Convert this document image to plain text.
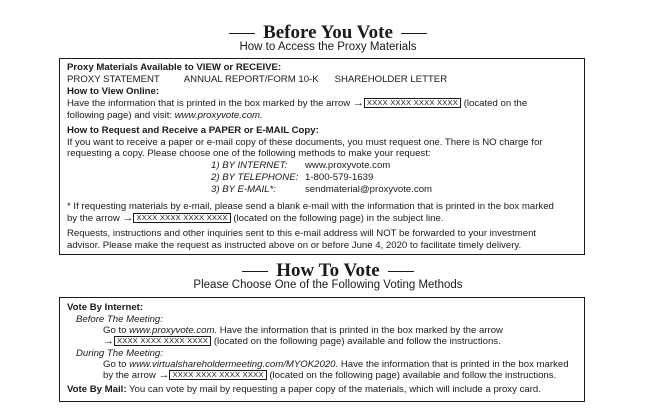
Before You Vote
How to Access the Proxy Materials
Proxy Materials Available to VIEW or RECEIVE:
PROXY STATEMENT	ANNUAL REPORT/FORM 10-K SHAREHOLDER LETTER
How to View Online:
Have the information that is printed in the box marked by the arrow → XXXX XXXX XXXX XXXX (located on the
following page) and visit: www.proxyvote.com.
How to Request and Receive a PAPER or E-MAIL Copy:
If you want to receive a paper or e-mail copy of these documents, you must request one. There is NO charge for
requesting a copy. Please choose one of the following methods to make your request:
1) BY INTERNET: www.proxyvote.com
2) BY TELEPHONE: 1-800-579-1639
3) BY E-MAIL*:	sendmaterial@proxyvote.com
* If requesting materials by e-mail, please send a blank e-mail with the information that is printed in the box marked
by the arrow → XXXX XXXX XXXX XXXX (located on the following page) in the subject line.
Requests, instructions and other inquiries sent to this e-mail address will NOT be forwarded to your investment
advisor. Please make the request as instructed above on or before June 4, 2020 to facilitate timely delivery.
How To Vote
Please Choose One of the Following Voting Methods
Vote By Internet:
Before The Meeting:
Go to www.proxyvote.com. Have the information that is printed in the box marked by the arrow
→ XXXX XXXX XXXX XXXX (located on the following page) available and follow the instructions.
During The Meeting:
Go to www.virtualshareholdermeeting.com/MYOK2020. Have the information that is printed in the box marked
by the arrow → XXXX XXXX XXXX XXXX (located on the following page) available and follow the instructions.
Vote By Mail: You can vote by mail by requesting a paper copy of the materials, which will include a proxy card.
